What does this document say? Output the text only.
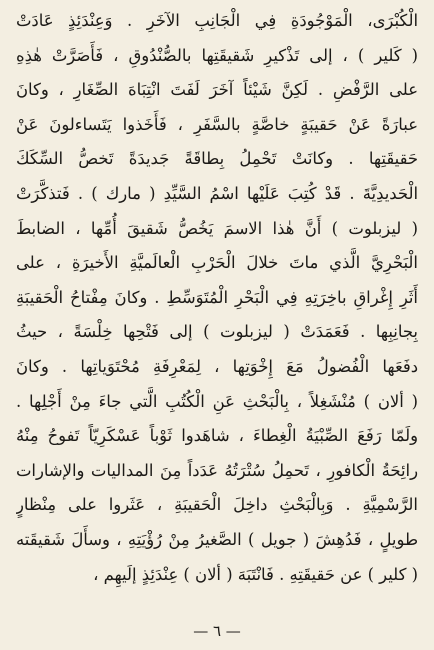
الْكُبْرَى، الْمَوْجُودَةِ فِي الْجَانِبِ الآخَرِ . وَعِنْدَئِذٍ عَادَتْ
( كَلير ) ، إلى تَذْكيرِ شَقيقَتِها بالصُّنْدُوقِ ، فَأَصَرَّتْ هٰذِهِ
على الرَّفْضِ . لَكِنَّ شَيْئاً آخَرَ لَفَتَ انْتِبَاهَ الصِّغَارِ ، وكانَ
عبارَةً عَنْ حَقيبَةٍ خاصَّةٍ بالسَّفَرِ ، فَأَخَذوا يَتَساءلونَ عَنْ
حَقيقَتِها . وكانَتْ تَحْمِلُ بِطاقَةً جَديدَةً تَخصُّ السِّكَكَ
الْحَديدِيَّةَ . قَدْ كُتِبَ عَلَيْها اسْمُ السَّيِّدِ ( مارك ) . فَتذكَّرَتْ
( ليزبلوت ) أَنَّ هٰذا الاسمَ يَخُصُّ شَقيقَ أُمِّها ، الضابطَ
الْبَحْرِيَّ الَّذي ماتَ خلالَ الْحَرْبِ الْعالَميَّةِ الأَخيرَةِ ، على
أَثَرِ إِغْراقِ باخِرَتِهِ فِي الْبَحْرِ الْمُتَوَسِّطِ . وكانَ مِفْتاحُ الْحَقيبَةِ
بِجانِبِها . فَعَمَدَتْ ( ليزبلوت ) إلى فَتْحِها خِلْسَةً ، حيثُ
دفَعَها الْفُضولُ مَعَ إِخْوَتِها ، لِمَعْرِفَةِ مُحْتَوَياتِها . وكانَ
( ألان ) مُنْشَغِلاً ، بِالْبَحْثِ عَنِ الْكُتُبِ الَّتي جاءَ مِنْ أَجْلِها .
ولَمّا رَفَعَ الصِّبْيَةُ الْغِطاءَ ، شاهَدوا ثَوْباً عَسْكَرِيّاً تَفوحُ مِنْهُ
رائِحَةُ الْكافورِ ، تَحمِلُ سُتْرَتُهُ عَدَداً مِنَ المداليات والإشارات
الرَّسْمِيَّةِ . وَبِالْبَحْثِ داخِلَ الْحَقيبَةِ ، عَثَروا على مِنْظارٍ
طويلٍ ، فَدُهِشَ ( جويل ) الصَّغيرُ مِنْ رُؤْيَتِهِ ، وسأَلَ شَقيقَته
( كلير ) عن حَقيقَتِهِ . فَانْتَبَهَ ( ألان ) عِنْدَئِذٍ إلَيهِم ،
— ٦ —
